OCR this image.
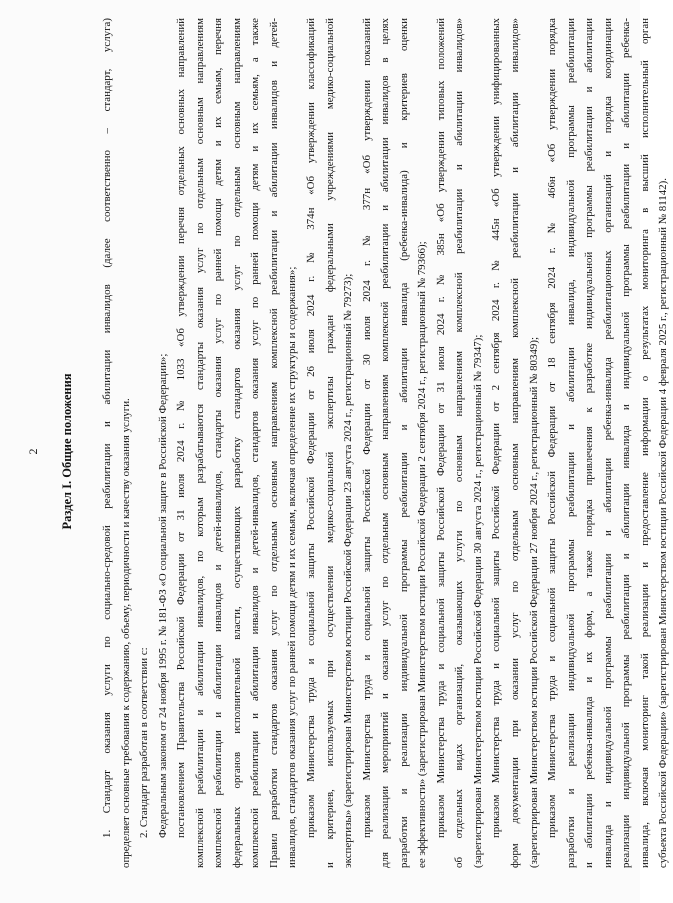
2 Раздел I. Общие положения 1. Стандарт оказания услуги по социально-средовой реабилитации и абилитации инвалидов (далее соответственно – стандарт, услуга) определяет основные требования к содержанию, объему, периодичности и качеству оказания услуги. 2. Стандарт разработан в соответствии с: Федеральным законом от 24 ноября 1995 г. № 181-ФЗ «О социальной защите в Российской Федерации»; постановлением Правительства Российской Федерации от 31 июля 2024 г. № 1033 «Об утверждении перечня отдельных основных направлений комплексной реабилитации и абилитации инвалидов, по которым разрабатываются стандарты оказания услуг по отдельным основным направлениям комплексной реабилитации и абилитации инвалидов и детей-инвалидов, стандарты оказания услуг по ранней помощи детям и их семьям, перечня федеральных органов исполнительной власти, осуществляющих разработку стандартов оказания услуг по отдельным основным направлениям комплексной реабилитации и абилитации инвалидов и детей-инвалидов, стандартов оказания услуг по ранней помощи детям и их семьям, а также Правил разработки стандартов оказания услуг по отдельным основным направлениям комплексной реабилитации и абилитации инвалидов и детей- инвалидов, стандартов оказания услуг по ранней помощи детям и их семьям, включая определение их структуры и содержания»; приказом Министерства труда и социальной защиты Российской Федерации от 26 июля 2024 г. № 374н «Об утверждении классификаций и критериев, используемых при осуществлении медико-социальной экспертизы граждан федеральными учреждениями медико-социальной экспертизы» (зарегистрирован Министерством юстиции Российской Федерации 23 августа 2024 г., регистрационный № 79273); приказом Министерства труда и социальной защиты Российской Федерации от 30 июля 2024 г. № 377н «Об утверждении показаний для реализации мероприятий и оказания услуг по отдельным основным направлениям комплексной реабилитации и абилитации инвалидов в целях разработки и реализации индивидуальной программы реабилитации и абилитации инвалида (ребенка-инвалида) и критериев оценки ее эффективности» (зарегистрирован Министерством юстиции Российской Федерации 2 сентября 2024 г., регистрационный № 79366); приказом Министерства труда и социальной защиты Российской Федерации от 31 июля 2024 г. № 385н «Об утверждении типовых положений об отдельных видах организаций, оказывающих услуги по основным направлениям комплексной реабилитации и абилитации инвалидов» (зарегистрирован Министерством юстиции Российской Федерации 30 августа 2024 г., регистрационный № 79347); приказом Министерства труда и социальной защиты Российской Федерации от 2 сентября 2024 г. № 445н «Об утверждении унифицированных форм документации при оказании услуг по отдельным основным направлениям комплексной реабилитации и абилитации инвалидов» (зарегистрирован Министерством юстиции Российской Федерации 27 ноября 2024 г., регистрационный № 80349); приказом Министерства труда и социальной защиты Российской Федерации от 18 сентября 2024 г. № 466н «Об утверждении порядка разработки и реализации индивидуальной программы реабилитации и абилитации инвалида, индивидуальной программы реабилитации и абилитации ребенка-инвалида и их форм, а также порядка привлечения к разработке индивидуальной программы реабилитации и абилитации инвалида и индивидуальной программы реабилитации и абилитации ребенка-инвалида реабилитационных организаций и порядка координации реализации индивидуальной программы реабилитации и абилитации инвалида и индивидуальной программы реабилитации и абилитации ребенка- инвалида, включая мониторинг такой реализации и предоставление информации о результатах мониторинга в высший исполнительный орган субъекта Российской Федерации» (зарегистрирован Министерством юстиции Российской Федерации 4 февраля 2025 г., регистрационный № 81142).
